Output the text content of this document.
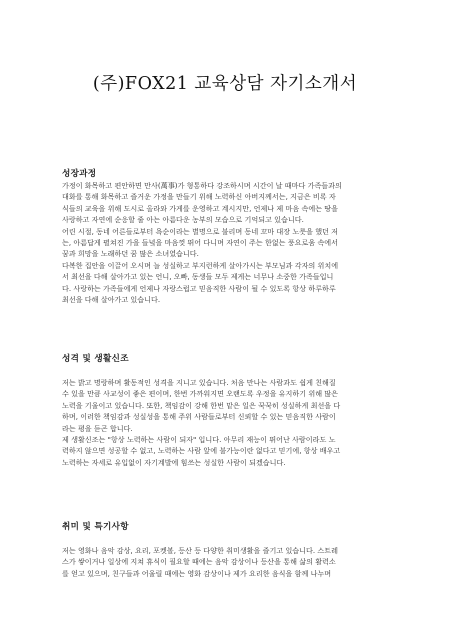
(주)FOX21 교육상담 자기소개서
성장과정
가정이 화목하고 편안하면 만사(萬事)가 형통하다 강조하시며 시간이 날 때마다 가족들과의
대화를 통해 화목하고 즐거운 가정을 만들기 위해 노력하신 아버지께서는, 지금은 비록 자
식들의 교육을 위해 도시로 올라와 가게를 운영하고 계시지만, 언제나 제 마음 속에는 땅을
사랑하고 자연에 순응할 줄 아는 아름다운 농부의 모습으로 기억되고 있습니다.
어린 시절, 동네 어른들로부터 욕순이라는 별명으로 불리며 동네 꼬마 대장 노릇을 했던 저
는, 아름답게 펼쳐진 가을 들녘을 마음껏 뛰어 다니며 자연이 주는 한없는 풍요로움 속에서
꿈과 희망을 노래하던 꿈 많은 소녀였습니다.
다복한 집안을 이끌어 오시며 늘 성실하고 부지런하게 살아가시는 부모님과 각자의 위치에
서 최선을 다해 살아가고 있는 언니, 오빠, 동생들 모두 제게는 너무나 소중한 가족들입니
다. 사랑하는 가족들에게 언제나 자랑스럽고 믿음직한 사람이 될 수 있도록 항상 하루하루
최선을 다해 살아가고 있습니다.
성격 및 생활신조
저는 밝고 명랑하며 활동적인 성격을 지니고 있습니다. 처음 만나는 사람과도 쉽게 친해질
수 있을 만큼 사교성이 좋은 편이며, 한번 가까워지면 오랜도록 우정을 유지하기 위해 많은
노력을 기울이고 있습니다. 또한, 책임감이 강해 한번 맡은 일은 꾹꾹히 성실하게 최선을 다
하며, 이러한 책임감과 성실성을 통해 주위 사람들로부터 신뢰할 수 있는 믿음직한 사람이
라는 평을 듣곤 합니다.
제 생활신조는 "항상 노력하는 사람이 되자" 입니다. 아무리 재능이 뛰어난 사람이라도 노
력하지 않으면 성공할 수 없고, 노력하는 사람 앞에 불가능이란 없다고 믿기에, 항상 배우고
노력하는 자세로 유입없이 자기계발에 힘쓰는 성실한 사람이 되겠습니다.
취미 및 특기사항
저는 영화나 음악 감상, 요리, 포켓볼, 등산 등 다양한 취미생활을 즐기고 있습니다. 스트레
스가 쌓이거나 일상에 지쳐 휴식이 필요할 때에는 음악 감상이나 등산을 통해 삶의 활력소
를 얻고 있으며, 친구들과 어울릴 때에는 영화 감상이나 제가 요리한 음식을 함께 나누며
